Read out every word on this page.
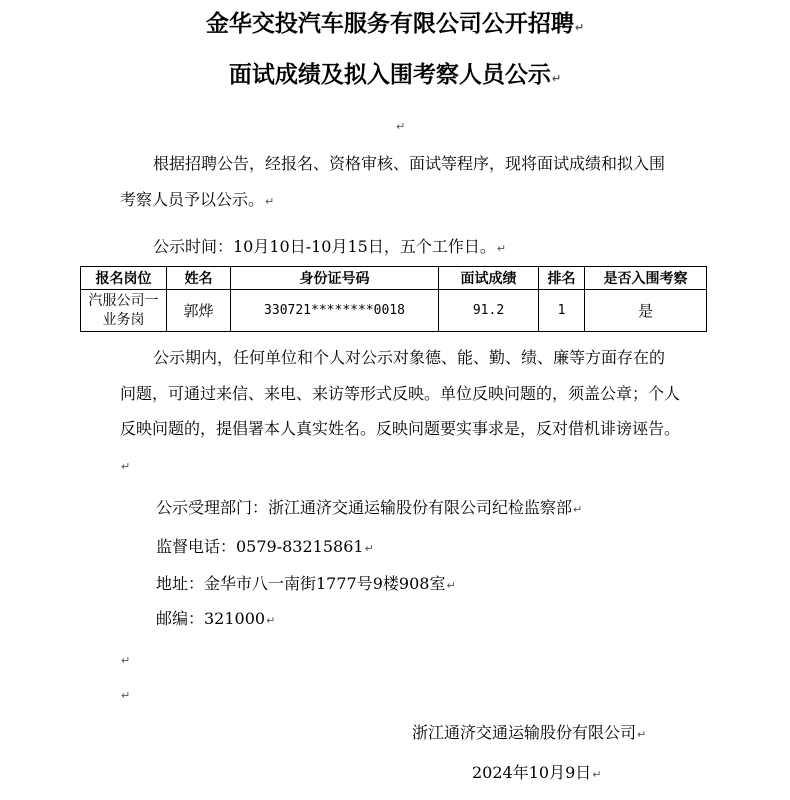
金华交投汽车服务有限公司公开招聘↵
面试成绩及拟入围考察人员公示↵
↵
根据招聘公告，经报名、资格审核、面试等程序，现将面试成绩和拟入围考察人员予以公示。↵
公示时间：10月10日-10月15日，五个工作日。↵
报名岗位	姓名	身份证号码	面试成绩	排名	是否入围考察
汽服公司一业务岗	郭烨	330721********0018	91.2	1	是
公示期内，任何单位和个人对公示对象德、能、勤、绩、廉等方面存在的问题，可通过来信、来电、来访等形式反映。单位反映问题的，须盖公章；个人反映问题的，提倡署本人真实姓名。反映问题要实事求是，反对借机诽谤诬告。↵
公示受理部门：浙江通济交通运输股份有限公司纪检监察部↵
监督电话：0579-83215861↵
地址：金华市八一南街1777号9楼908室↵
邮编：321000↵
↵
↵
浙江通济交通运输股份有限公司↵
2024年10月9日↵
